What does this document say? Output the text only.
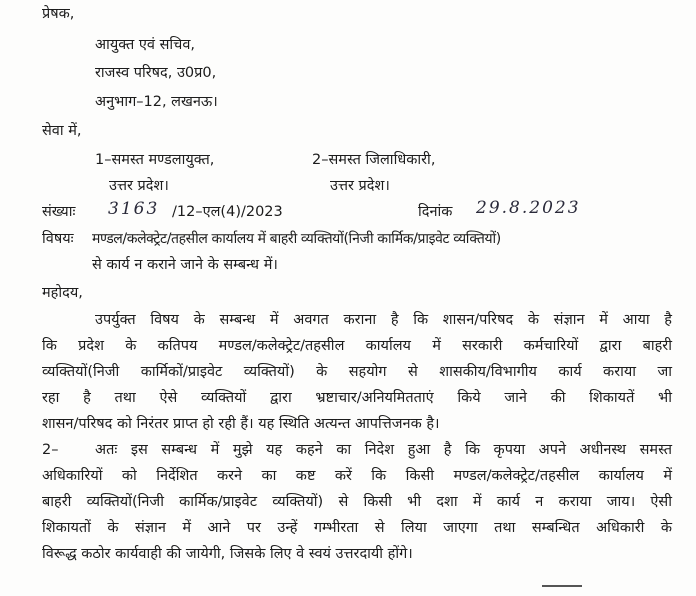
प्रेषक,
आयुक्त एवं सचिव,
राजस्व परिषद, उ0प्र0,
अनुभाग–12, लखनऊ।
सेवा में,
1–समस्त मण्डलायुक्त,
उत्तर प्रदेश।
2–समस्त जिलाधिकारी,
उत्तर प्रदेश।
संख्याः 3163 /12–एल(4)/2023	दिनांक 29.8.2023
विषयः मण्डल/कलेक्ट्रेट/तहसील कार्यालय में बाहरी व्यक्तियों(निजी कार्मिक/प्राइवेट व्यक्तियों)
से कार्य न कराने जाने के सम्बन्ध में।
महोदय,
उपर्युक्त विषय के सम्बन्ध में अवगत कराना है कि शासन/परिषद के संज्ञान में आया है
कि प्रदेश के कतिपय मण्डल/कलेक्ट्रेट/तहसील कार्यालय में सरकारी कर्मचारियों द्वारा बाहरी
व्यक्तियों(निजी कार्मिकों/प्राइवेट व्यक्तियों) के सहयोग से शासकीय/विभागीय कार्य कराया जा
रहा है तथा ऐसे व्यक्तियों द्वारा भ्रष्टाचार/अनियमितताएं किये जाने की शिकायतें भी
शासन/परिषद को निरंतर प्राप्त हो रही हैं। यह स्थिति अत्यन्त आपत्तिजनक है।
2–	अतः इस सम्बन्ध में मुझे यह कहने का निदेश हुआ है कि कृपया अपने अधीनस्थ समस्त
अधिकारियों को निर्देशित करने का कष्ट करें कि किसी मण्डल/कलेक्ट्रेट/तहसील कार्यालय में
बाहरी व्यक्तियों(निजी कार्मिक/प्राइवेट व्यक्तियों) से किसी भी दशा में कार्य न कराया जाय। ऐसी
शिकायतों के संज्ञान में आने पर उन्हें गम्भीरता से लिया जाएगा तथा सम्बन्धित अधिकारी के
विरूद्ध कठोर कार्यवाही की जायेगी, जिसके लिए वे स्वयं उत्तरदायी होंगे।
